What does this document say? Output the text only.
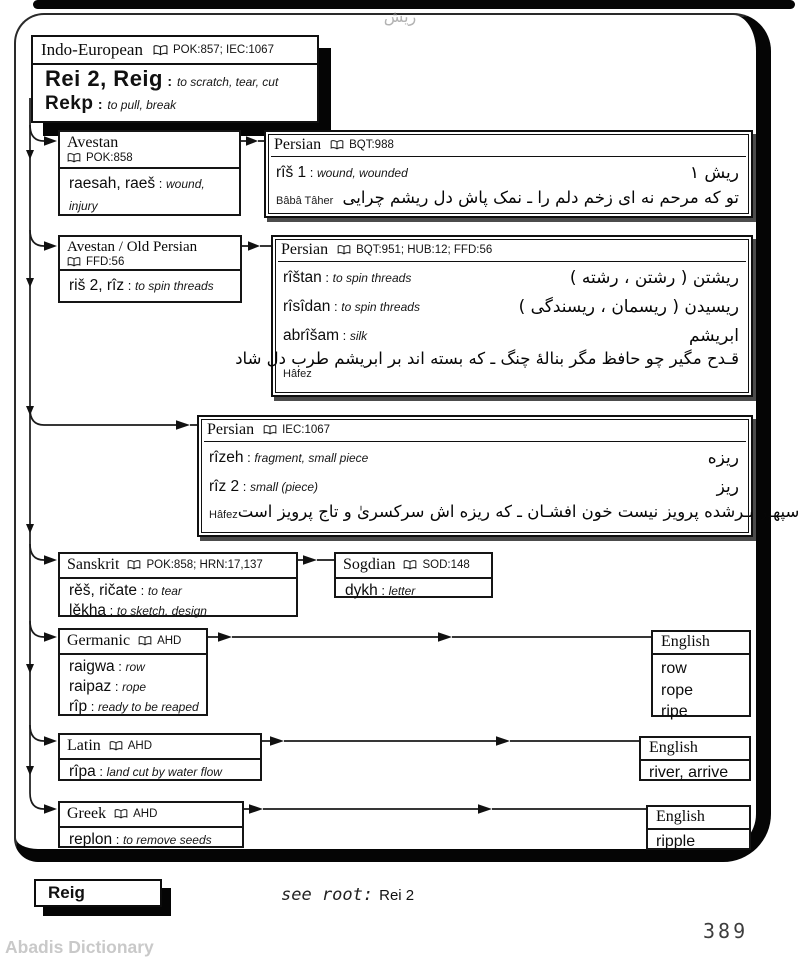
ریش
Indo-European	POK:857; IEC:1067
Rei 2, Reig : to scratch, tear, cut
Rekp : to pull, break
Avestan
POK:858
raesah, raeš : wound, injury
Persian BQT:988
rîš 1 : wound, wounded	ریش ۱
Bâbâ Tâher تو که مرحم نه ای زخم دلم را ـ نمک پاش دل ریشم چرایی
Avestan / Old Persian
FFD:56
riš 2, rîz : to spin threads
Persian BQT:951; HUB:12; FFD:56
rîštan : to spin threads	ریشتن ( رشتن ، رشته )
rîsîdan : to spin threads	ریسیدن ( ریسمان ، ریسندگی )
abrîšam : silk	ابریشم
قـدح مگیر چو حافظ مگر بنالهٔ چنگ ـ که بسته اند بر ابریشم طرب دل شاد
Hâfez
Persian IEC:1067
rîzeh : fragment, small piece	ریزه
rîz 2 : small (piece)	ریز
Hâfez سپهـر بـرشده پرویز نیست خون افشـان ـ که ریزه اش سرکسریٰ و تاج پرویز است
Sanskrit POK:858; HRN:17,137
rěš, ričate : to tear
lěkha : to sketch, design
Sogdian SOD:148
dykh : letter
Germanic AHD
raigwa : row
raipaz : rope
rîp : ready to be reaped
English
row
rope
ripe
Latin AHD
rîpa : land cut by water flow
English
river, arrive
Greek AHD
replon : to remove seeds
English
ripple
Reig	see root: Rei 2
389
Abadis Dictionary
